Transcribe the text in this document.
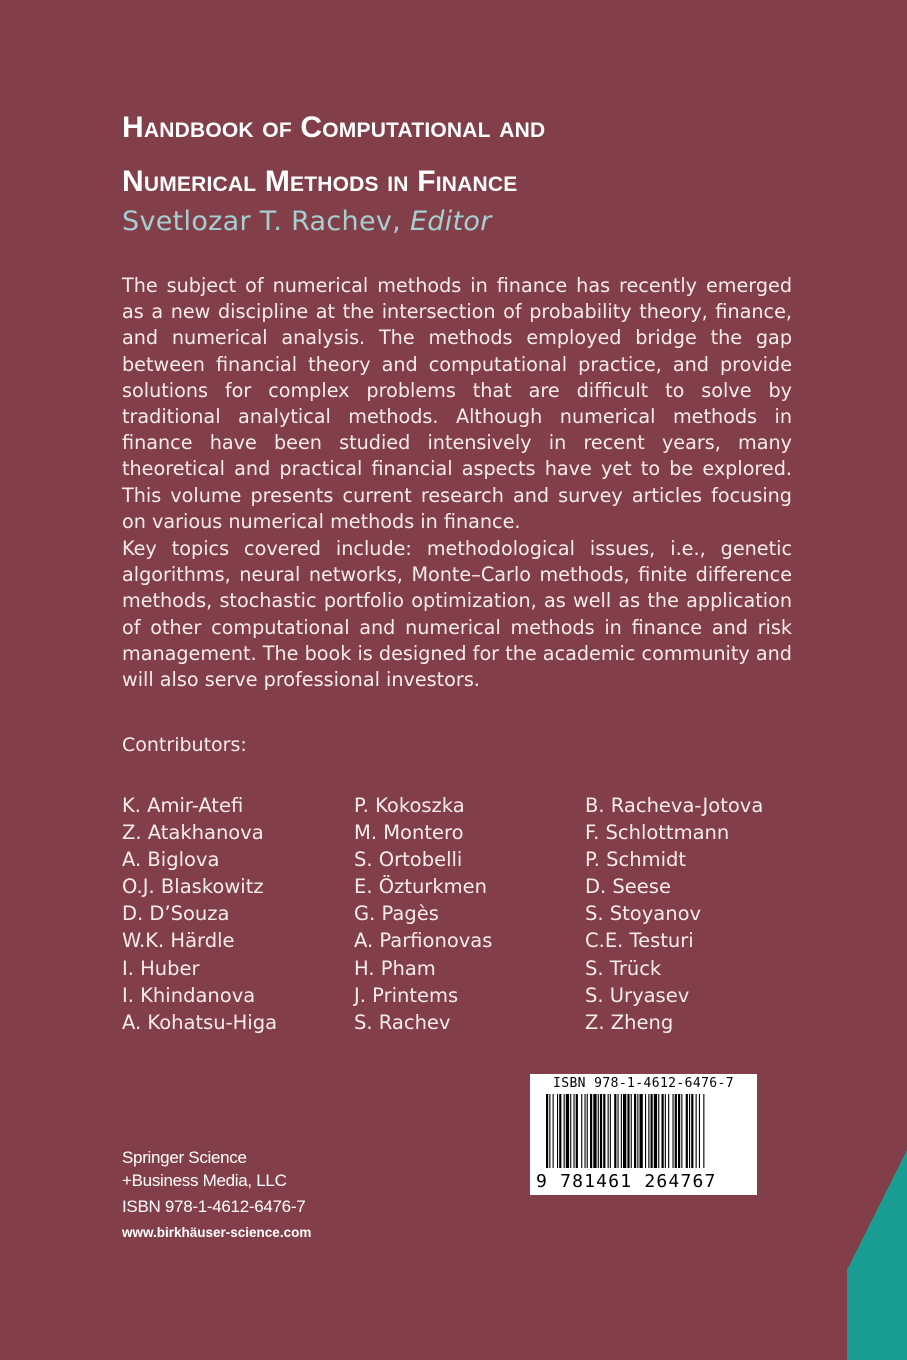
Handbook of Computational and
Numerical Methods in Finance
Svetlozar T. Rachev, Editor

The subject of numerical methods in finance has recently emerged as a new discipline at the intersection of probability theory, finance, and numerical analysis. The methods employed bridge the gap between financial theory and computational practice, and provide solutions for complex problems that are difficult to solve by traditional analytical methods. Although numerical methods in finance have been studied intensively in recent years, many theoretical and practical financial aspects have yet to be explored. This volume presents current research and survey articles focusing on various numerical methods in finance.

Key topics covered include: methodological issues, i.e., genetic algorithms, neural networks, Monte–Carlo methods, finite difference methods, stochastic portfolio optimization, as well as the application of other computational and numerical methods in finance and risk management. The book is designed for the academic community and will also serve professional investors.

Contributors:
K. Amir-Atefi
Z. Atakhanova
A. Biglova
O.J. Blaskowitz
D. D’Souza
W.K. Härdle
I. Huber
I. Khindanova
A. Kohatsu-Higa
P. Kokoszka
M. Montero
S. Ortobelli
E. Özturkmen
G. Pagès
A. Parfionovas
H. Pham
J. Printems
S. Rachev
B. Racheva-Jotova
F. Schlottmann
P. Schmidt
D. Seese
S. Stoyanov
C.E. Testuri
S. Trück
S. Uryasev
Z. Zheng
Springer Science
+Business Media, LLC
ISBN 978-1-4612-6476-7
www.birkhäuser-science.com
ISBN 978-1-4612-6476-7
9 781461 264767
